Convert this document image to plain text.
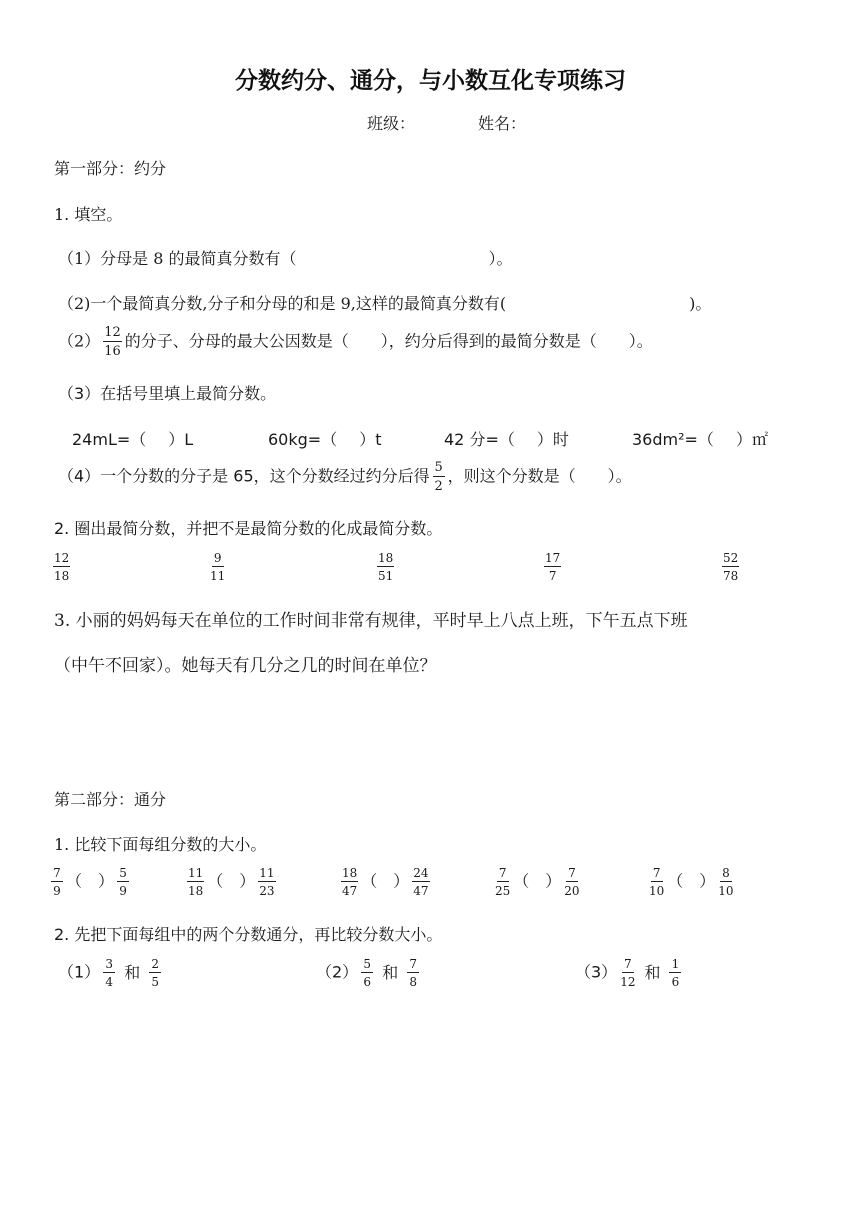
分数约分、通分，与小数互化专项练习
班级：	姓名：
第一部分：约分
1. 填空。
（1）分母是 8 的最简真分数有（	）。
（2)一个最简真分数,分子和分母的和是 9,这样的最简真分数有(	)。
$(2) \frac{12}{16}$ 的分子、分母的最大公因数是（　　），约分后得到的最简分数是（　　）。
（3）在括号里填上最简分数。
24mL=（ ）L	60kg=（ ）t	42 分=（ ）时	36dm²=（ ）㎡
（4）一个分数的分子是 65，这个分数经过约分后得 $\frac{5}{2}$ ，则这个分数是（　　）。
2. 圈出最简分数，并把不是最简分数的化成最简分数。
$\frac{12}{18}$	$\frac{9}{11}$	$\frac{18}{51}$	$\frac{17}{7}$	$\frac{52}{78}$
3. 小丽的妈妈每天在单位的工作时间非常有规律，平时早上八点上班，下午五点下班
（中午不回家）。她每天有几分之几的时间在单位？
第二部分：通分
1. 比较下面每组分数的大小。
$\frac{7}{9}$ （　） $\frac{5}{9}$	$\frac{11}{18}$ （　） $\frac{11}{23}$	$\frac{18}{47}$ （　） $\frac{24}{47}$	$\frac{7}{25}$ （　） $\frac{7}{20}$	$\frac{7}{10}$ （　） $\frac{8}{10}$
2. 先把下面每组中的两个分数通分，再比较分数大小。
$(1) \frac{3}{4}$ 和 $\frac{2}{5}$	$(2) \frac{5}{6}$ 和 $\frac{7}{8}$	$(3) \frac{7}{12}$ 和 $\frac{1}{6}$
